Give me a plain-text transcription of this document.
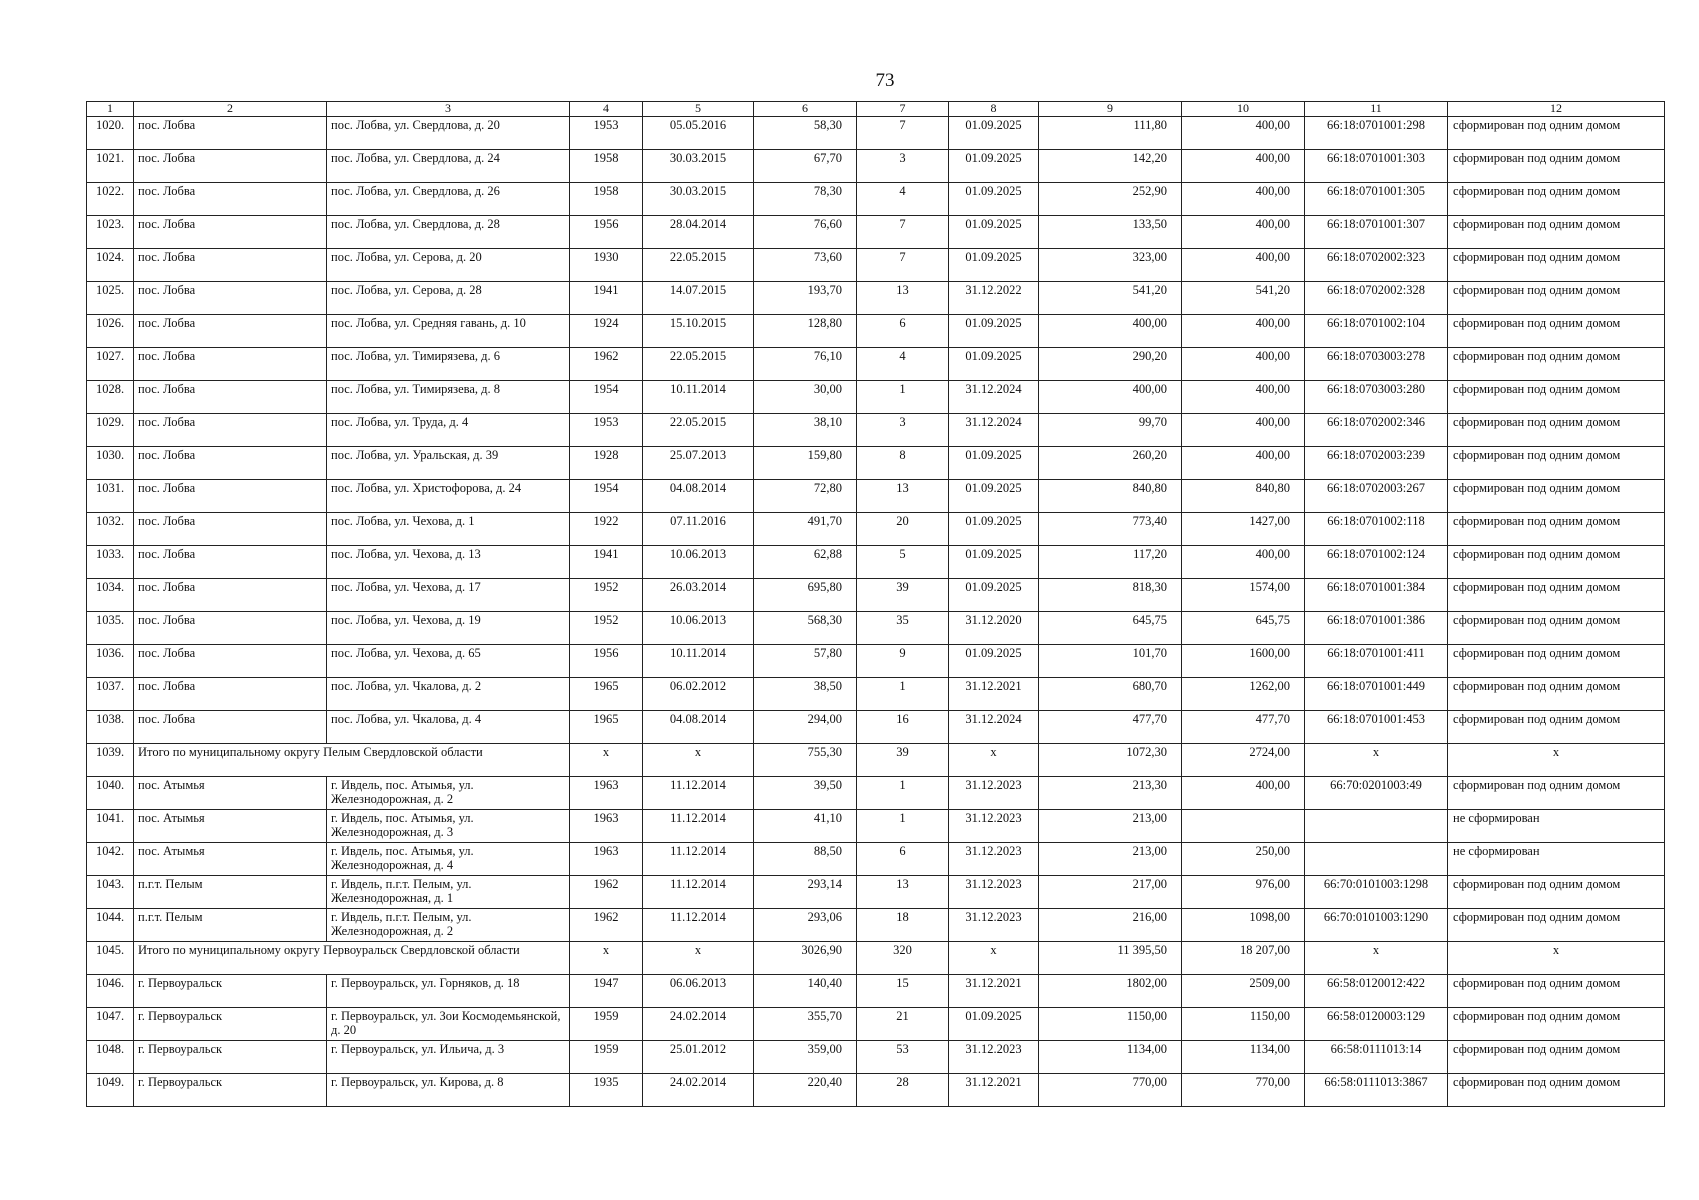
73
1	2	3	4	5	6	7	8	9	10	11	12
1020.	пос. Лобва	пос. Лобва, ул. Свердлова, д. 20	1953	05.05.2016	58,30	7	01.09.2025	111,80	400,00	66:18:0701001:298	сформирован под одним домом
1021.	пос. Лобва	пос. Лобва, ул. Свердлова, д. 24	1958	30.03.2015	67,70	3	01.09.2025	142,20	400,00	66:18:0701001:303	сформирован под одним домом
1022.	пос. Лобва	пос. Лобва, ул. Свердлова, д. 26	1958	30.03.2015	78,30	4	01.09.2025	252,90	400,00	66:18:0701001:305	сформирован под одним домом
1023.	пос. Лобва	пос. Лобва, ул. Свердлова, д. 28	1956	28.04.2014	76,60	7	01.09.2025	133,50	400,00	66:18:0701001:307	сформирован под одним домом
1024.	пос. Лобва	пос. Лобва, ул. Серова, д. 20	1930	22.05.2015	73,60	7	01.09.2025	323,00	400,00	66:18:0702002:323	сформирован под одним домом
1025.	пос. Лобва	пос. Лобва, ул. Серова, д. 28	1941	14.07.2015	193,70	13	31.12.2022	541,20	541,20	66:18:0702002:328	сформирован под одним домом
1026.	пос. Лобва	пос. Лобва, ул. Средняя гавань, д. 10	1924	15.10.2015	128,80	6	01.09.2025	400,00	400,00	66:18:0701002:104	сформирован под одним домом
1027.	пос. Лобва	пос. Лобва, ул. Тимирязева, д. 6	1962	22.05.2015	76,10	4	01.09.2025	290,20	400,00	66:18:0703003:278	сформирован под одним домом
1028.	пос. Лобва	пос. Лобва, ул. Тимирязева, д. 8	1954	10.11.2014	30,00	1	31.12.2024	400,00	400,00	66:18:0703003:280	сформирован под одним домом
1029.	пос. Лобва	пос. Лобва, ул. Труда, д. 4	1953	22.05.2015	38,10	3	31.12.2024	99,70	400,00	66:18:0702002:346	сформирован под одним домом
1030.	пос. Лобва	пос. Лобва, ул. Уральская, д. 39	1928	25.07.2013	159,80	8	01.09.2025	260,20	400,00	66:18:0702003:239	сформирован под одним домом
1031.	пос. Лобва	пос. Лобва, ул. Христофорова, д. 24	1954	04.08.2014	72,80	13	01.09.2025	840,80	840,80	66:18:0702003:267	сформирован под одним домом
1032.	пос. Лобва	пос. Лобва, ул. Чехова, д. 1	1922	07.11.2016	491,70	20	01.09.2025	773,40	1427,00	66:18:0701002:118	сформирован под одним домом
1033.	пос. Лобва	пос. Лобва, ул. Чехова, д. 13	1941	10.06.2013	62,88	5	01.09.2025	117,20	400,00	66:18:0701002:124	сформирован под одним домом
1034.	пос. Лобва	пос. Лобва, ул. Чехова, д. 17	1952	26.03.2014	695,80	39	01.09.2025	818,30	1574,00	66:18:0701001:384	сформирован под одним домом
1035.	пос. Лобва	пос. Лобва, ул. Чехова, д. 19	1952	10.06.2013	568,30	35	31.12.2020	645,75	645,75	66:18:0701001:386	сформирован под одним домом
1036.	пос. Лобва	пос. Лобва, ул. Чехова, д. 65	1956	10.11.2014	57,80	9	01.09.2025	101,70	1600,00	66:18:0701001:411	сформирован под одним домом
1037.	пос. Лобва	пос. Лобва, ул. Чкалова, д. 2	1965	06.02.2012	38,50	1	31.12.2021	680,70	1262,00	66:18:0701001:449	сформирован под одним домом
1038.	пос. Лобва	пос. Лобва, ул. Чкалова, д. 4	1965	04.08.2014	294,00	16	31.12.2024	477,70	477,70	66:18:0701001:453	сформирован под одним домом
1039.	Итого по муниципальному округу Пелым Свердловской области		x	x	755,30	39	x	1072,30	2724,00	x	x
1040.	пос. Атымья	г. Ивдель, пос. Атымья, ул. Железнодорожная, д. 2	1963	11.12.2014	39,50	1	31.12.2023	213,30	400,00	66:70:0201003:49	сформирован под одним домом
1041.	пос. Атымья	г. Ивдель, пос. Атымья, ул. Железнодорожная, д. 3	1963	11.12.2014	41,10	1	31.12.2023	213,00			не сформирован
1042.	пос. Атымья	г. Ивдель, пос. Атымья, ул. Железнодорожная, д. 4	1963	11.12.2014	88,50	6	31.12.2023	213,00	250,00		не сформирован
1043.	п.г.т. Пелым	г. Ивдель, п.г.т. Пелым, ул. Железнодорожная, д. 1	1962	11.12.2014	293,14	13	31.12.2023	217,00	976,00	66:70:0101003:1298	сформирован под одним домом
1044.	п.г.т. Пелым	г. Ивдель, п.г.т. Пелым, ул. Железнодорожная, д. 2	1962	11.12.2014	293,06	18	31.12.2023	216,00	1098,00	66:70:0101003:1290	сформирован под одним домом
1045.	Итого по муниципальному округу Первоуральск Свердловской области		x	x	3026,90	320	x	11 395,50	18 207,00	x	x
1046.	г. Первоуральск	г. Первоуральск, ул. Горняков, д. 18	1947	06.06.2013	140,40	15	31.12.2021	1802,00	2509,00	66:58:0120012:422	сформирован под одним домом
1047.	г. Первоуральск	г. Первоуральск, ул. Зои Космодемьянской, д. 20	1959	24.02.2014	355,70	21	01.09.2025	1150,00	1150,00	66:58:0120003:129	сформирован под одним домом
1048.	г. Первоуральск	г. Первоуральск, ул. Ильича, д. 3	1959	25.01.2012	359,00	53	31.12.2023	1134,00	1134,00	66:58:0111013:14	сформирован под одним домом
1049.	г. Первоуральск	г. Первоуральск, ул. Кирова, д. 8	1935	24.02.2014	220,40	28	31.12.2021	770,00	770,00	66:58:0111013:3867	сформирован под одним домом
